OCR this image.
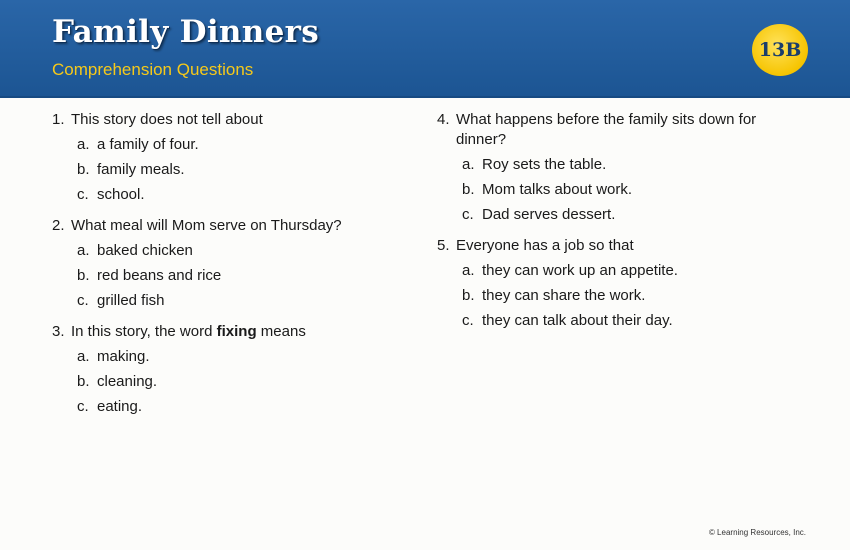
Family Dinners
Comprehension Questions
13B
1. This story does not tell about
a. a family of four.
b. family meals.
c. school.
2. What meal will Mom serve on Thursday?
a. baked chicken
b. red beans and rice
c. grilled fish
3. In this story, the word fixing means
a. making.
b. cleaning.
c. eating.
4. What happens before the family sits down for dinner?
a. Roy sets the table.
b. Mom talks about work.
c. Dad serves dessert.
5. Everyone has a job so that
a. they can work up an appetite.
b. they can share the work.
c. they can talk about their day.
© Learning Resources, Inc.
